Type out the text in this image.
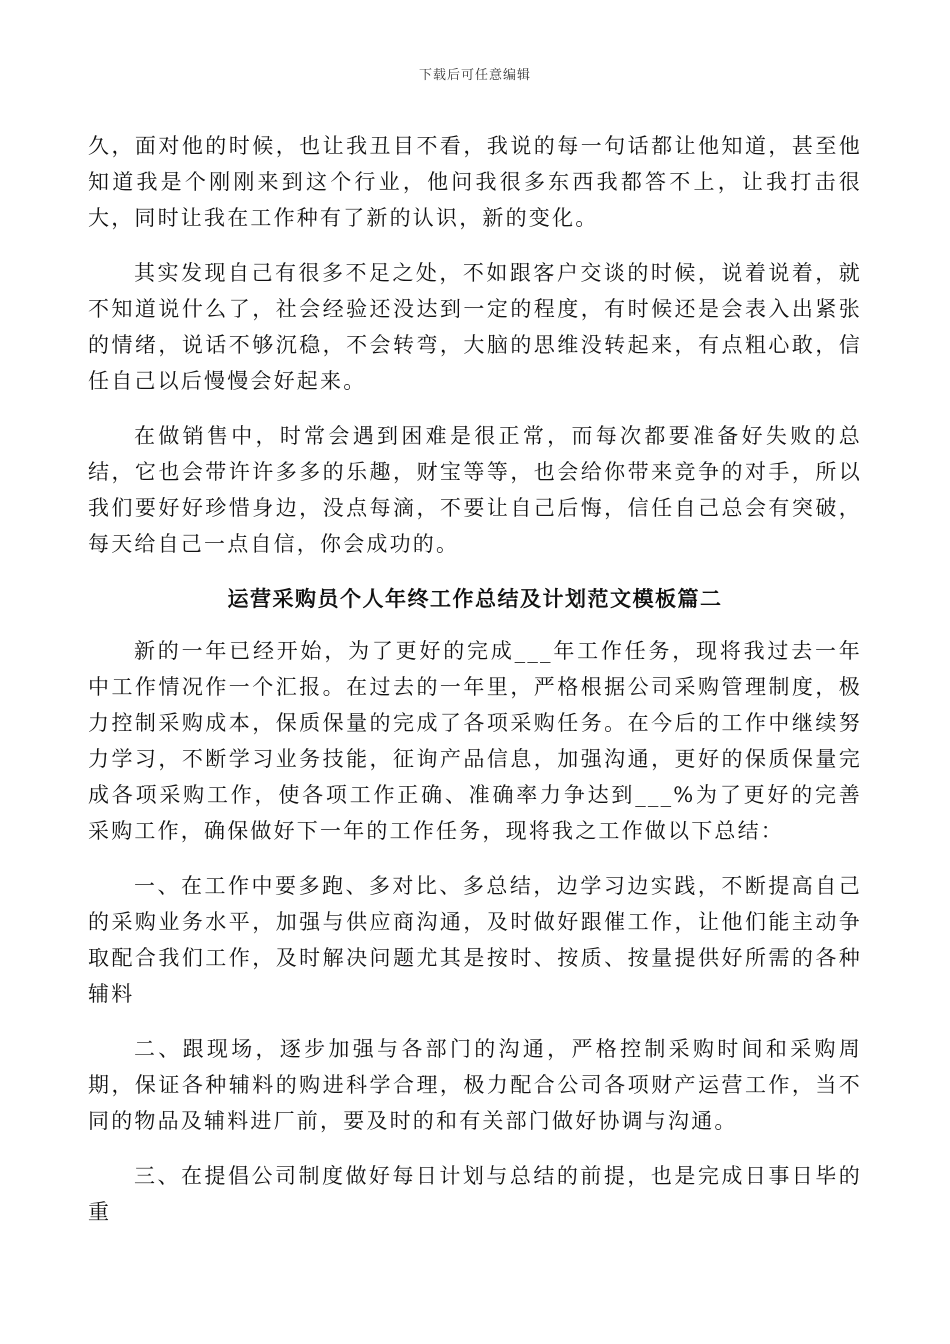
下载后可任意编辑

久，面对他的时候，也让我丑目不看，我说的每一句话都让他知道，甚至他知道我是个刚刚来到这个行业，他问我很多东西我都答不上，让我打击很大，同时让我在工作种有了新的认识，新的变化。

其实发现自己有很多不足之处，不如跟客户交谈的时候，说着说着，就不知道说什么了，社会经验还没达到一定的程度，有时候还是会表入出紧张的情绪，说话不够沉稳，不会转弯，大脑的思维没转起来，有点粗心敢，信任自己以后慢慢会好起来。

在做销售中，时常会遇到困难是很正常，而每次都要准备好失败的总结，它也会带许许多多的乐趣，财宝等等，也会给你带来竞争的对手，所以我们要好好珍惜身边，没点每滴，不要让自己后悔，信任自己总会有突破，每天给自己一点自信，你会成功的。

运营采购员个人年终工作总结及计划范文模板篇二

新的一年已经开始，为了更好的完成___年工作任务，现将我过去一年中工作情况作一个汇报。在过去的一年里，严格根据公司采购管理制度，极力控制采购成本，保质保量的完成了各项采购任务。在今后的工作中继续努力学习，不断学习业务技能，征询产品信息，加强沟通，更好的保质保量完成各项采购工作，使各项工作正确、准确率力争达到___%为了更好的完善采购工作，确保做好下一年的工作任务，现将我之工作做以下总结：

一、在工作中要多跑、多对比、多总结，边学习边实践，不断提高自己的采购业务水平，加强与供应商沟通，及时做好跟催工作，让他们能主动争取配合我们工作，及时解决问题尤其是按时、按质、按量提供好所需的各种辅料

二、跟现场，逐步加强与各部门的沟通，严格控制采购时间和采购周期，保证各种辅料的购进科学合理，极力配合公司各项财产运营工作，当不同的物品及辅料进厂前，要及时的和有关部门做好协调与沟通。

三、在提倡公司制度做好每日计划与总结的前提，也是完成日事日毕的重
